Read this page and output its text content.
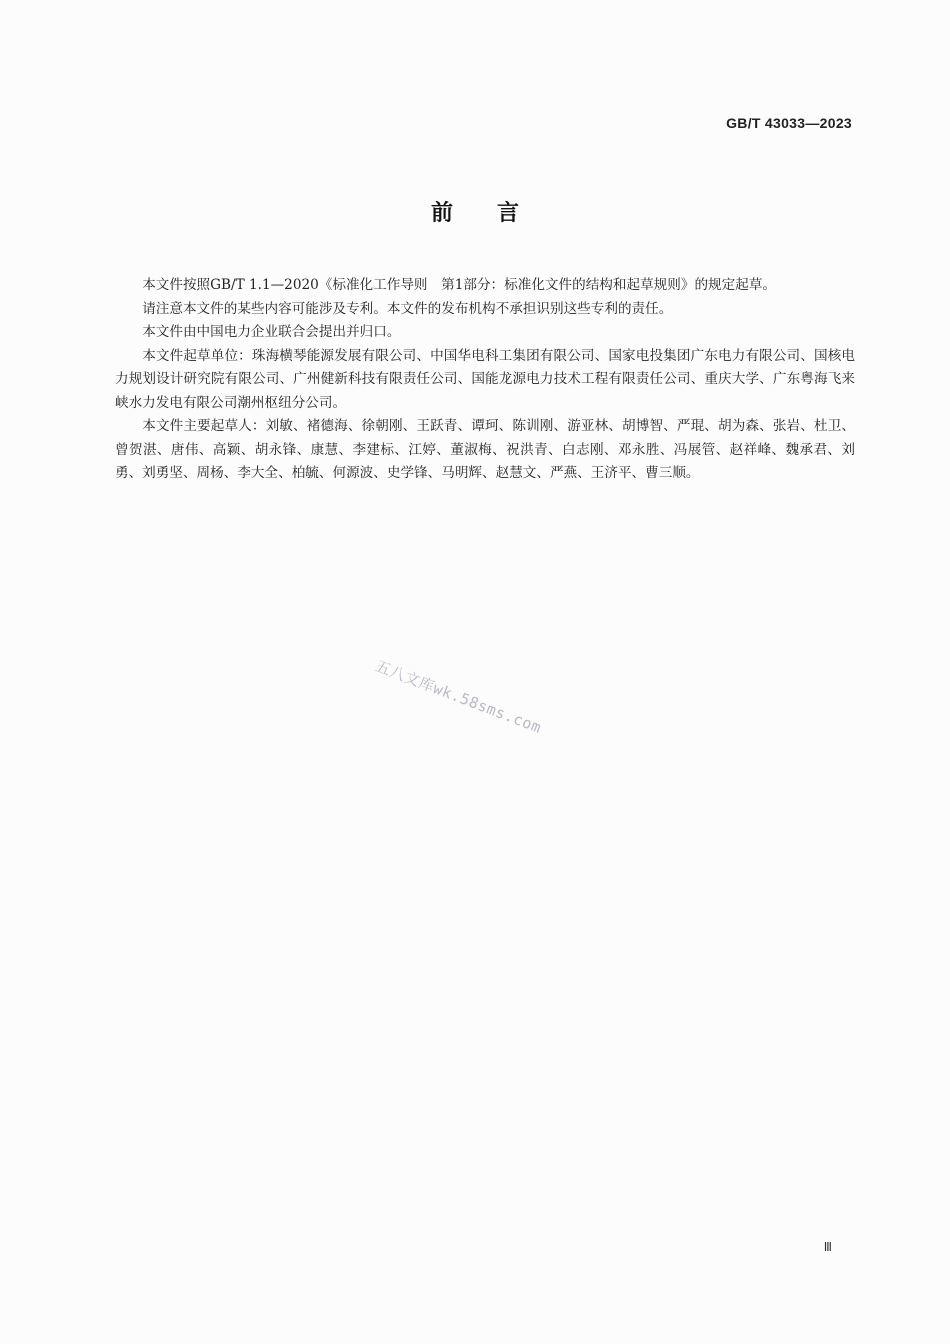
GB/T 43033—2023
前言

本文件按照GB/T 1.1—2020《标准化工作导则　第1部分：标准化文件的结构和起草规则》的规定起草。

请注意本文件的某些内容可能涉及专利。本文件的发布机构不承担识别这些专利的责任。

本文件由中国电力企业联合会提出并归口。

本文件起草单位：珠海横琴能源发展有限公司、中国华电科工集团有限公司、国家电投集团广东电力有限公司、国核电力规划设计研究院有限公司、广州健新科技有限责任公司、国能龙源电力技术工程有限责任公司、重庆大学、广东粤海飞来峡水力发电有限公司潮州枢纽分公司。

本文件主要起草人：刘敏、褚德海、徐朝刚、王跃青、谭珂、陈训刚、游亚林、胡博智、严琨、胡为森、张岩、杜卫、曾贺湛、唐伟、高颖、胡永锋、康慧、李建标、江婷、董淑梅、祝洪青、白志刚、邓永胜、冯展管、赵祥峰、魏承君、刘勇、刘勇坚、周杨、李大全、柏毓、何源波、史学锋、马明辉、赵慧文、严燕、王济平、曹三顺。

五八文库wk.58sms.com
Ⅲ
